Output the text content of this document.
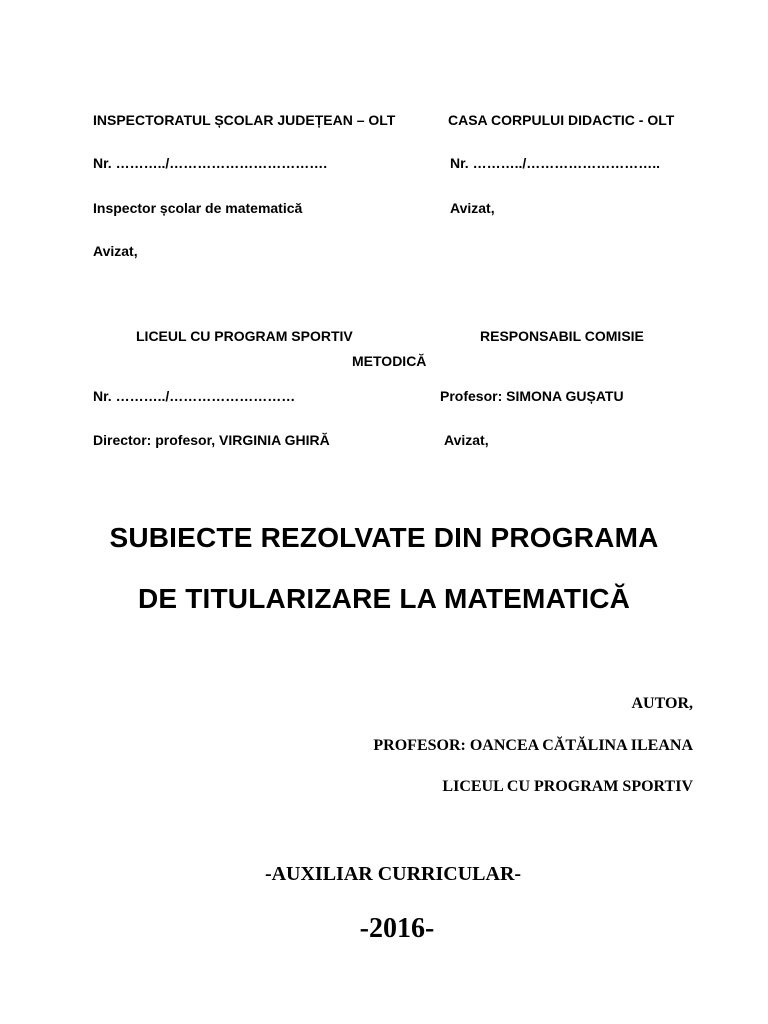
INSPECTORATUL ȘCOLAR JUDEȚEAN – OLT	CASA CORPULUI DIDACTIC - OLT
Nr. ………../…………………………….	Nr. ………../………………………..
Inspector școlar de matematică	Avizat,
Avizat,
LICEUL CU PROGRAM SPORTIV	RESPONSABIL COMISIE
METODICĂ
Nr. ………../………………………	Profesor: SIMONA GUȘATU
Director: profesor, VIRGINIA GHIRĂ	Avizat,
SUBIECTE REZOLVATE DIN PROGRAMA
DE TITULARIZARE LA MATEMATICĂ
AUTOR,
PROFESOR: OANCEA CĂTĂLINA ILEANA
LICEUL CU PROGRAM SPORTIV
-AUXILIAR CURRICULAR-
-2016-
